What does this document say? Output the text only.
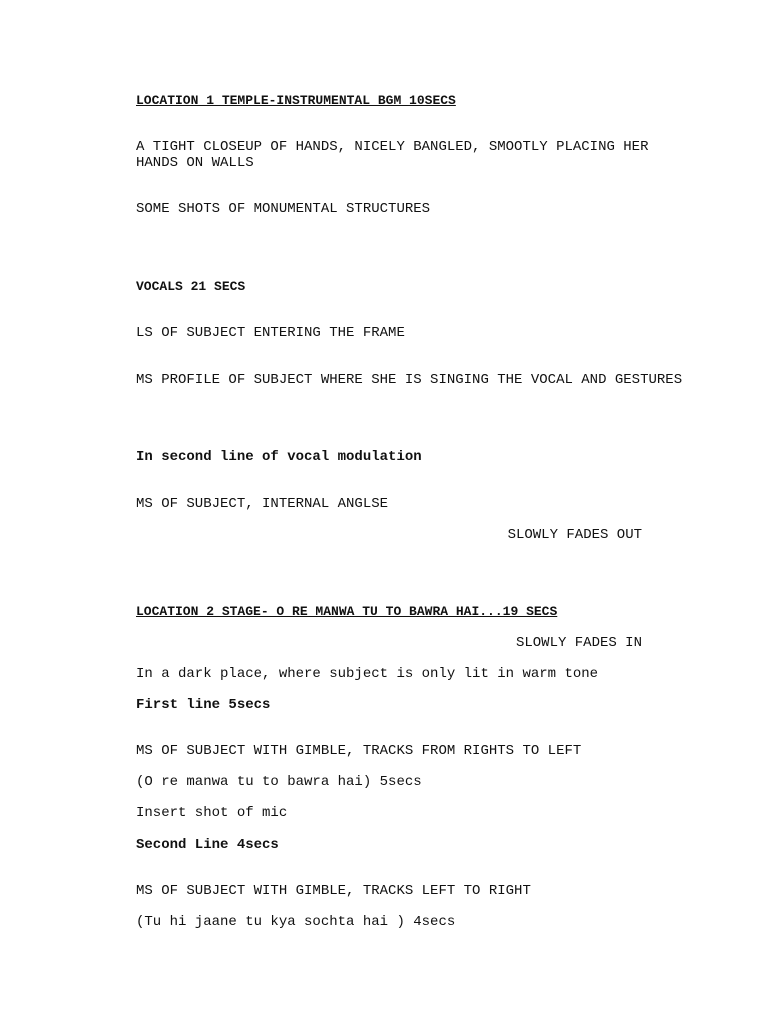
LOCATION 1 TEMPLE-INSTRUMENTAL BGM 10SECS
A TIGHT CLOSEUP OF HANDS, NICELY BANGLED, SMOOTLY PLACING HER HANDS ON WALLS
SOME SHOTS OF MONUMENTAL STRUCTURES
VOCALS 21 SECS
LS OF SUBJECT ENTERING THE FRAME
MS PROFILE OF SUBJECT WHERE SHE IS SINGING THE VOCAL AND GESTURES
In second line of vocal modulation
MS OF SUBJECT, INTERNAL ANGLSE
SLOWLY FADES OUT
LOCATION 2 STAGE- O RE MANWA TU TO BAWRA HAI...19 SECS
SLOWLY FADES IN
In a dark place, where subject is only lit in warm tone
First line 5secs
MS OF SUBJECT WITH GIMBLE, TRACKS FROM RIGHTS TO LEFT
(O re manwa tu to bawra hai) 5secs
Insert shot of mic
Second Line 4secs
MS OF SUBJECT WITH GIMBLE, TRACKS LEFT TO RIGHT
(Tu hi jaane tu kya sochta hai ) 4secs
